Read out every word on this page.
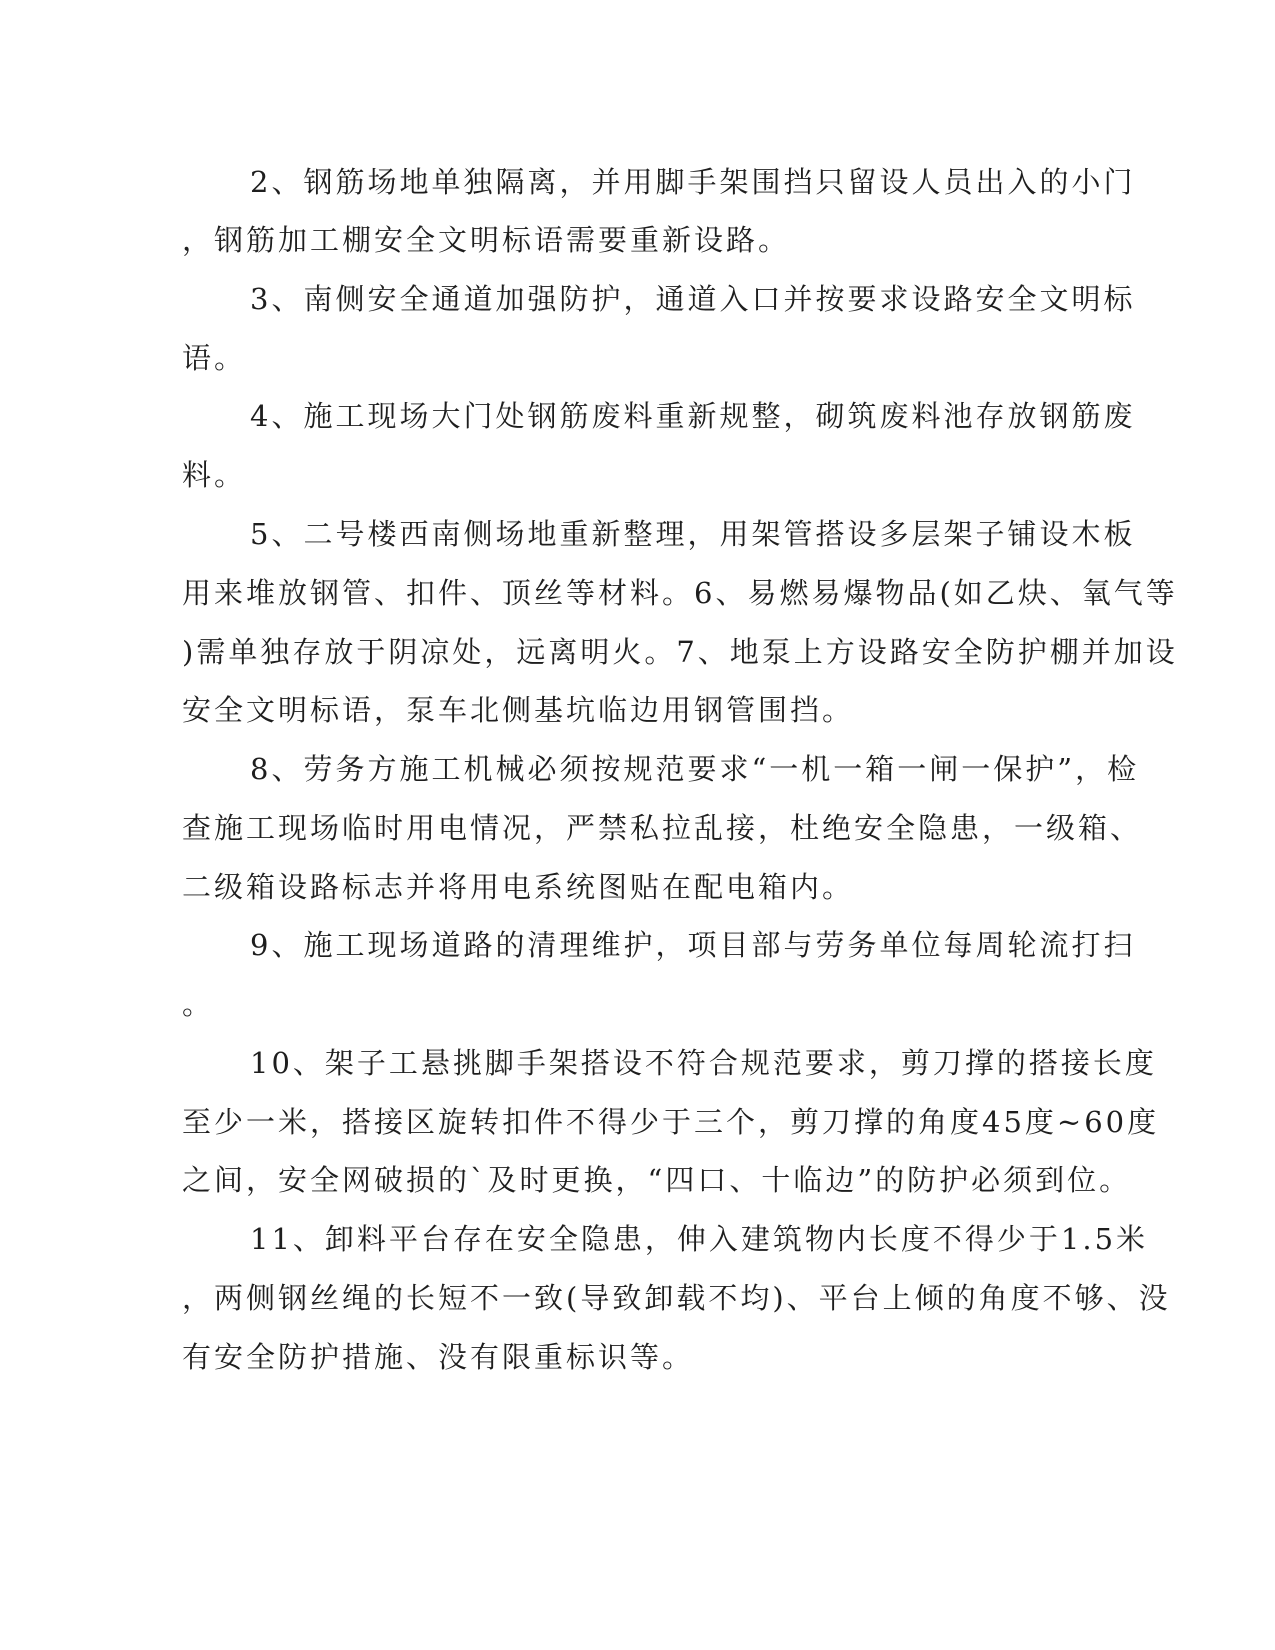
2、钢筋场地单独隔离，并用脚手架围挡只留设人员出入的小门
，钢筋加工棚安全文明标语需要重新设路。
3、南侧安全通道加强防护，通道入口并按要求设路安全文明标
语。
4、施工现场大门处钢筋废料重新规整，砌筑废料池存放钢筋废
料。
5、二号楼西南侧场地重新整理，用架管搭设多层架子铺设木板
用来堆放钢管、扣件、顶丝等材料。6、易燃易爆物品(如乙炔、氧气等
)需单独存放于阴凉处，远离明火。7、地泵上方设路安全防护棚并加设
安全文明标语，泵车北侧基坑临边用钢管围挡。
8、劳务方施工机械必须按规范要求“一机一箱一闸一保护”，检
查施工现场临时用电情况，严禁私拉乱接，杜绝安全隐患，一级箱、
二级箱设路标志并将用电系统图贴在配电箱内。
9、施工现场道路的清理维护，项目部与劳务单位每周轮流打扫
。
10、架子工悬挑脚手架搭设不符合规范要求，剪刀撑的搭接长度
至少一米，搭接区旋转扣件不得少于三个，剪刀撑的角度45度~60度
之间，安全网破损的`及时更换，“四口、十临边”的防护必须到位。
11、卸料平台存在安全隐患，伸入建筑物内长度不得少于1.5米
，两侧钢丝绳的长短不一致(导致卸载不均)、平台上倾的角度不够、没
有安全防护措施、没有限重标识等。
